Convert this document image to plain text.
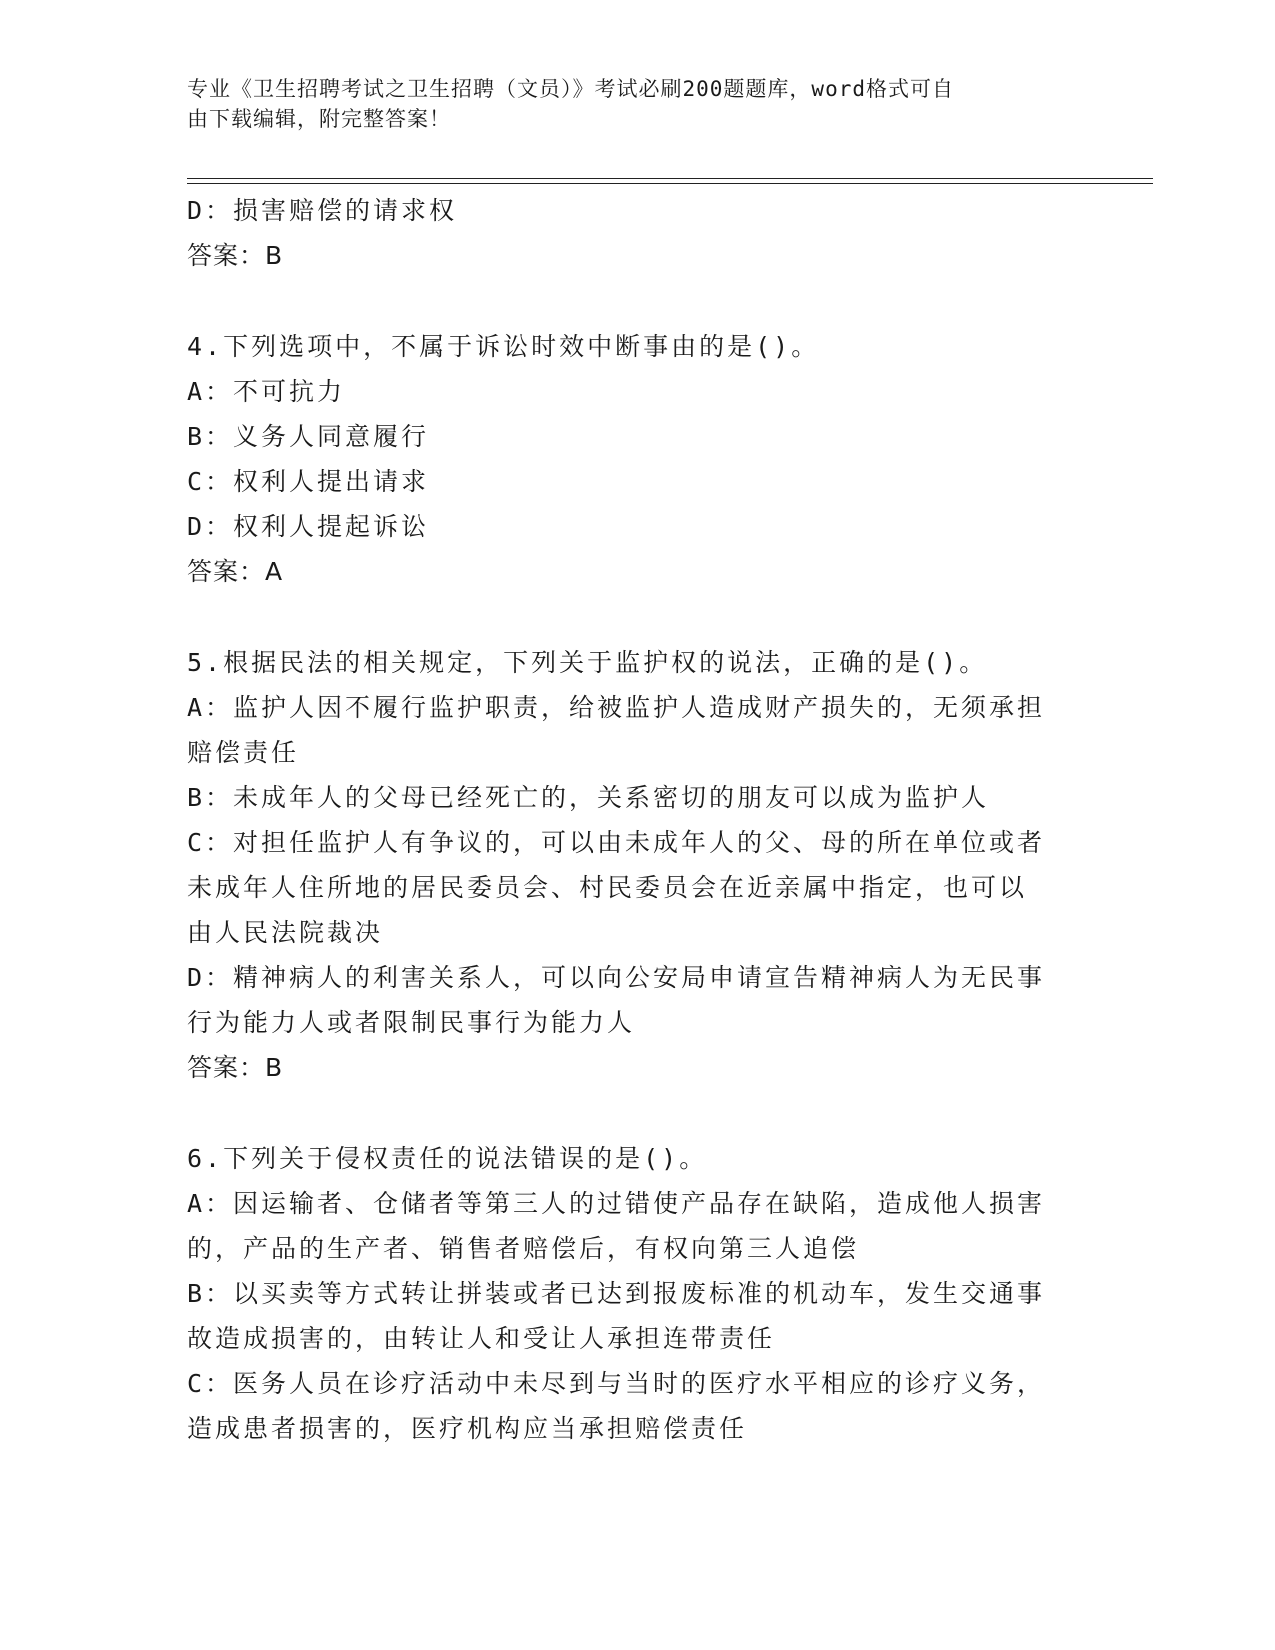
专业《卫生招聘考试之卫生招聘（文员）》考试必刷200题题库，word格式可自
由下载编辑，附完整答案！
D：损害赔偿的请求权
答案：B
4.下列选项中，不属于诉讼时效中断事由的是()。
A：不可抗力
B：义务人同意履行
C：权利人提出请求
D：权利人提起诉讼
答案：A
5.根据民法的相关规定，下列关于监护权的说法，正确的是()。
A：监护人因不履行监护职责，给被监护人造成财产损失的，无须承担
赔偿责任
B：未成年人的父母已经死亡的，关系密切的朋友可以成为监护人
C：对担任监护人有争议的，可以由未成年人的父、母的所在单位或者
未成年人住所地的居民委员会、村民委员会在近亲属中指定，也可以
由人民法院裁决
D：精神病人的利害关系人，可以向公安局申请宣告精神病人为无民事
行为能力人或者限制民事行为能力人
答案：B
6.下列关于侵权责任的说法错误的是()。
A：因运输者、仓储者等第三人的过错使产品存在缺陷，造成他人损害
的，产品的生产者、销售者赔偿后，有权向第三人追偿
B：以买卖等方式转让拼装或者已达到报废标准的机动车，发生交通事
故造成损害的，由转让人和受让人承担连带责任
C：医务人员在诊疗活动中未尽到与当时的医疗水平相应的诊疗义务，
造成患者损害的，医疗机构应当承担赔偿责任
